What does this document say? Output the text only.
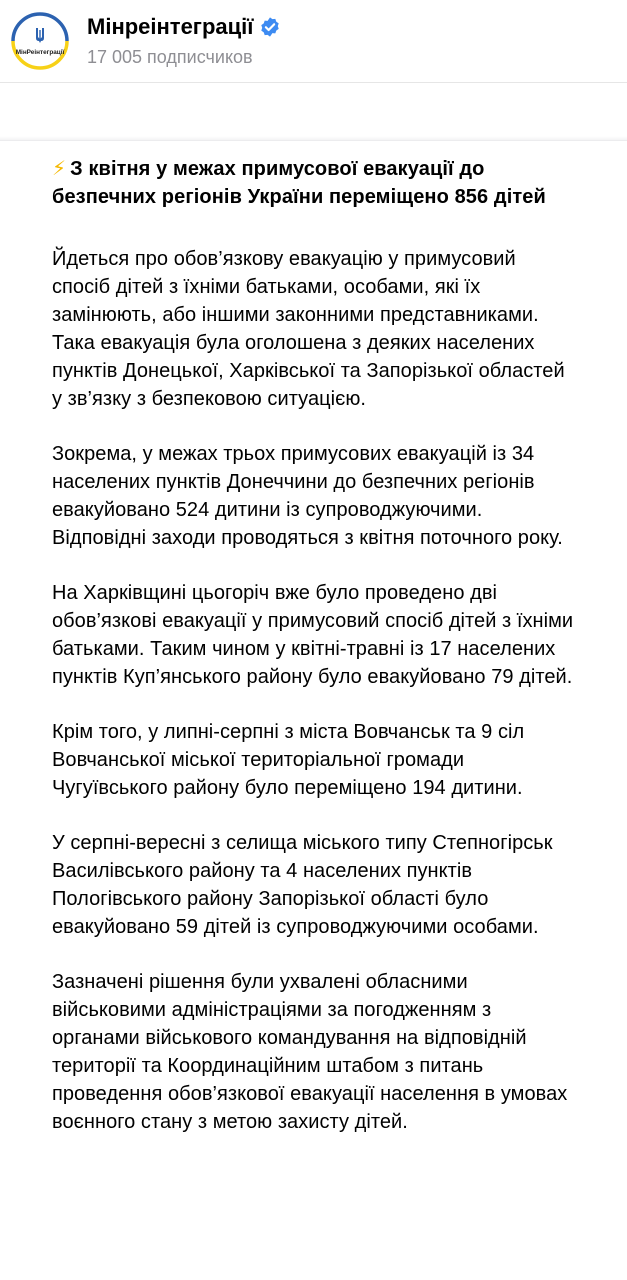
МінРеінтеграції
Мінреінтеграції
17 005 подписчиков

⚡ З квітня у межах примусової евакуації до безпечних регіонів України переміщено 856 дітей

Йдеться про обов’язкову евакуацію у примусовий спосіб дітей з їхніми батьками, особами, які їх замінюють, або іншими законними представниками. Така евакуація була оголошена з деяких населених пунктів Донецької, Харківської та Запорізької областей у зв’язку з безпековою ситуацією.

Зокрема, у межах трьох примусових евакуацій із 34 населених пунктів Донеччини до безпечних регіонів евакуйовано 524 дитини із супроводжуючими. Відповідні заходи проводяться з квітня поточного року.

На Харківщині цьогоріч вже було проведено дві обов’язкові евакуації у примусовий спосіб дітей з їхніми батьками. Таким чином у квітні-травні із 17 населених пунктів Куп’янського району було евакуйовано 79 дітей.

Крім того, у липні-серпні з міста Вовчанськ та 9 сіл Вовчанської міської територіальної громади Чугуївського району було переміщено 194 дитини.

У серпні-вересні з селища міського типу Степногірськ Василівського району та 4 населених пунктів Пологівського району Запорізької області було евакуйовано 59 дітей із супроводжуючими особами.

Зазначені рішення були ухвалені обласними військовими адміністраціями за погодженням з органами військового командування на відповідній території та Координаційним штабом з питань проведення обов’язкової евакуації населення в умовах воєнного стану з метою захисту дітей.
